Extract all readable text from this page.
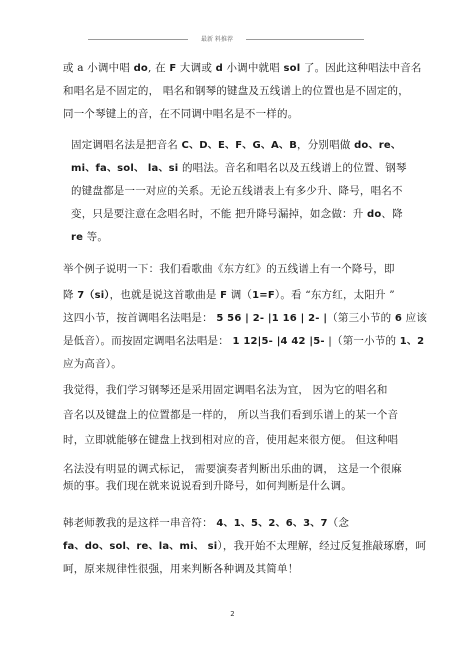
最新 料推荐
或 a 小调中唱 do, 在 F 大调或 d 小调中就唱 sol 了。因此这种唱法中音名
和唱名是不固定的， 唱名和钢琴的键盘及五线谱上的位置也是不固定的，
同一个琴键上的音，在不同调中唱名是不一样的。
固定调唱名法是把音名 C、D、E、F、G、A、B，分别唱做 do、re、
mi、fa、sol、 la、si 的唱法。音名和唱名以及五线谱上的位置、钢琴
的键盘都是一一对应的关系。无论五线谱表上有多少升、降号，唱名不
变，只是要注意在念唱名时，不能 把升降号漏掉，如念做：升 do、降
re 等。
举个例子说明一下：我们看歌曲《东方红》的五线谱上有一个降号，即
降 7（si），也就是说这首歌曲是 F 调（1=F）。看 “东方红，太阳升 ”
这四小节，按首调唱名法唱是： 5 56 | 2- |1 16 | 2- |（第三小节的 6 应该
是低音）。而按固定调唱名法唱是： 1 12|5- |4 42 |5- |（第一小节的 1、2
应为高音）。
我觉得，我们学习钢琴还是采用固定调唱名法为宜， 因为它的唱名和
音名以及键盘上的位置都是一样的， 所以当我们看到乐谱上的某一个音
时，立即就能够在键盘上找到相对应的音，使用起来很方便。 但这种唱
名法没有明显的调式标记， 需要演奏者判断出乐曲的调， 这是一个很麻
烦的事。我们现在就来说说看到升降号，如何判断是什么调。
韩老师教我的是这样一串音符： 4、1、5、2、6、3、7（念
fa、do、sol、re、la、mi、 si），我开始不太理解，经过反复推敲琢磨，呵
呵，原来规律性很强，用来判断各种调及其简单！
2
